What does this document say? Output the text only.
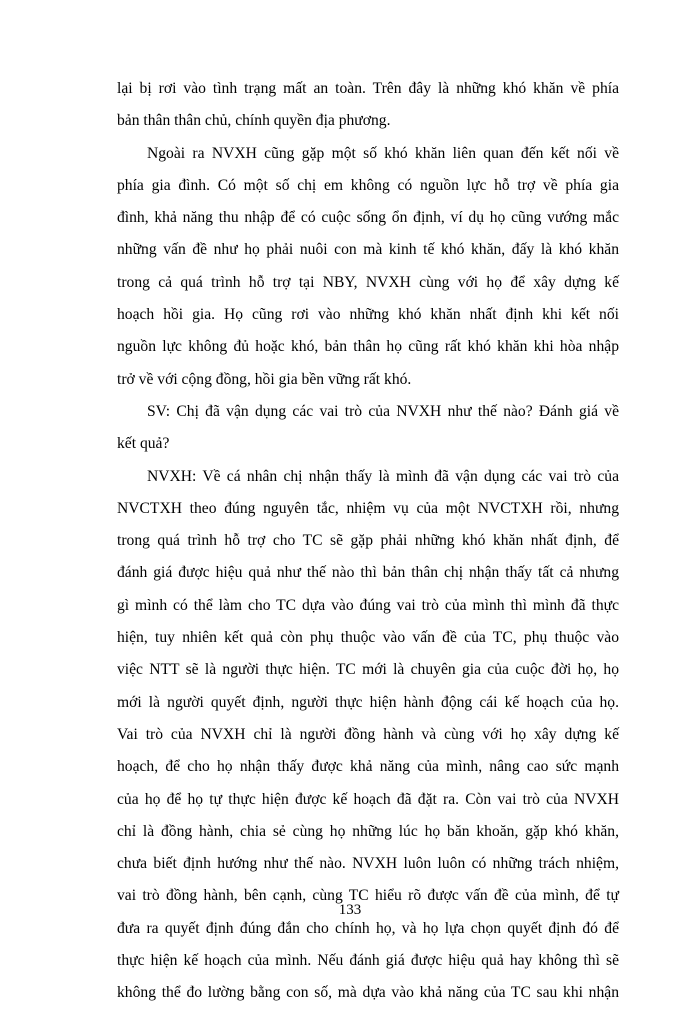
lại bị rơi vào tình trạng mất an toàn. Trên đây là những khó khăn về phía
bản thân thân chủ, chính quyền địa phương.
Ngoài ra NVXH cũng gặp một số khó khăn liên quan đến kết nối về
phía gia đình. Có một số chị em không có nguồn lực hỗ trợ về phía gia
đình, khả năng thu nhập để có cuộc sống ổn định, ví dụ họ cũng vướng mắc
những vấn đề như họ phải nuôi con mà kinh tế khó khăn, đấy là khó khăn
trong cả quá trình hỗ trợ tại NBY, NVXH cùng với họ để xây dựng kế
hoạch hồi gia. Họ cũng rơi vào những khó khăn nhất định khi kết nối
nguồn lực không đủ hoặc khó, bản thân họ cũng rất khó khăn khi hòa nhập
trở về với cộng đồng, hồi gia bền vững rất khó.
SV: Chị đã vận dụng các vai trò của NVXH như thế nào? Đánh giá về
kết quả?
NVXH: Về cá nhân chị nhận thấy là mình đã vận dụng các vai trò của
NVCTXH theo đúng nguyên tắc, nhiệm vụ của một NVCTXH rồi, nhưng
trong quá trình hỗ trợ cho TC sẽ gặp phải những khó khăn nhất định, để
đánh giá được hiệu quả như thế nào thì bản thân chị nhận thấy tất cả nhưng
gì mình có thể làm cho TC dựa vào đúng vai trò của mình thì mình đã thực
hiện, tuy nhiên kết quả còn phụ thuộc vào vấn đề của TC, phụ thuộc vào
việc NTT sẽ là người thực hiện. TC mới là chuyên gia của cuộc đời họ, họ
mới là người quyết định, người thực hiện hành động cái kế hoạch của họ.
Vai trò của NVXH chỉ là người đồng hành và cùng với họ xây dựng kế
hoạch, để cho họ nhận thấy được khả năng của mình, nâng cao sức mạnh
của họ để họ tự thực hiện được kế hoạch đã đặt ra. Còn vai trò của NVXH
chỉ là đồng hành, chia sẻ cùng họ những lúc họ băn khoăn, gặp khó khăn,
chưa biết định hướng như thế nào. NVXH luôn luôn có những trách nhiệm,
vai trò đồng hành, bên cạnh, cùng TC hiểu rõ được vấn đề của mình, để tự
đưa ra quyết định đúng đắn cho chính họ, và họ lựa chọn quyết định đó để
thực hiện kế hoạch của mình. Nếu đánh giá được hiệu quả hay không thì sẽ
không thể đo lường bằng con số, mà dựa vào khả năng của TC sau khi nhận
133
